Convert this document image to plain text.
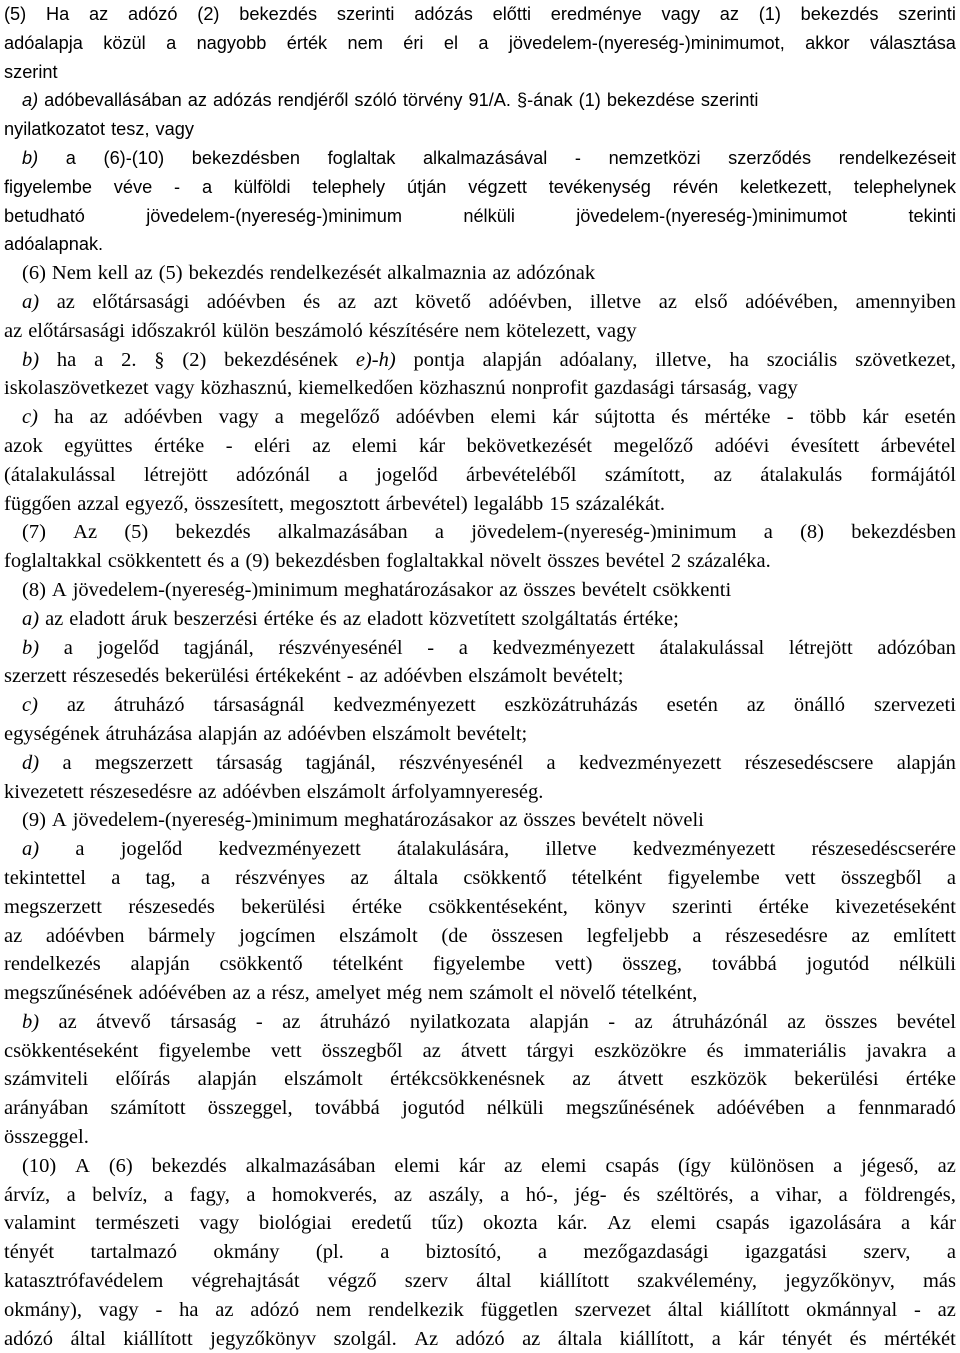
(5) Ha az adózó (2) bekezdés szerinti adózás előtti eredménye vagy az (1) bekezdés szerinti
adóalapja közül a nagyobb érték nem éri el a jövedelem-(nyereség-)minimumot, akkor választása
szerint
a) adóbevallásában az adózás rendjéről szóló törvény 91/A. §-ának (1) bekezdése szerinti
nyilatkozatot tesz, vagy
b) a (6)-(10) bekezdésben foglaltak alkalmazásával - nemzetközi szerződés rendelkezéseit
figyelembe véve - a külföldi telephely útján végzett tevékenység révén keletkezett, telephelynek
betudható	jövedelem-(nyereség-)minimum	nélküli	jövedelem-(nyereség-)minimumot	tekinti
adóalapnak.
(6) Nem kell az (5) bekezdés rendelkezését alkalmaznia az adózónak
a) az előtársasági adóévben és az azt követő adóévben, illetve az első adóévében, amennyiben
az előtársasági időszakról külön beszámoló készítésére nem kötelezett, vagy
b) ha a 2. § (2) bekezdésének e)-h) pontja alapján adóalany, illetve, ha szociális szövetkezet,
iskolaszövetkezet vagy közhasznú, kiemelkedően közhasznú nonprofit gazdasági társaság, vagy
c) ha az adóévben vagy a megelőző adóévben elemi kár sújtotta és mértéke - több kár esetén
azok együttes értéke - eléri az elemi kár bekövetkezését megelőző adóévi évesített árbevétel
(átalakulással létrejött adózónál a jogelőd árbevételéből számított, az átalakulás formájától
függően azzal egyező, összesített, megosztott árbevétel) legalább 15 százalékát.
(7) Az (5) bekezdés alkalmazásában a jövedelem-(nyereség-)minimum a (8) bekezdésben
foglaltakkal csökkentett és a (9) bekezdésben foglaltakkal növelt összes bevétel 2 százaléka.
(8) A jövedelem-(nyereség-)minimum meghatározásakor az összes bevételt csökkenti
a) az eladott áruk beszerzési értéke és az eladott közvetített szolgáltatás értéke;
b) a jogelőd tagjánál, részvényesénél - a kedvezményezett átalakulással létrejött adózóban
szerzett részesedés bekerülési értékeként - az adóévben elszámolt bevételt;
c) az átruházó társaságnál kedvezményezett eszközátruházás esetén az önálló szervezeti
egységének átruházása alapján az adóévben elszámolt bevételt;
d) a megszerzett társaság tagjánál, részvényesénél a kedvezményezett részesedéscsere alapján
kivezetett részesedésre az adóévben elszámolt árfolyamnyereség.
(9) A jövedelem-(nyereség-)minimum meghatározásakor az összes bevételt növeli
a) a jogelőd kedvezményezett átalakulására, illetve kedvezményezett részesedéscserére
tekintettel a tag, a részvényes az általa csökkentő tételként figyelembe vett összegből a
megszerzett részesedés bekerülési értéke csökkentéseként, könyv szerinti értéke kivezetéseként
az adóévben bármely jogcímen elszámolt (de összesen legfeljebb a részesedésre az említett
rendelkezés alapján csökkentő tételként figyelembe vett) összeg, továbbá jogutód nélküli
megszűnésének adóévében az a rész, amelyet még nem számolt el növelő tételként,
b) az átvevő társaság - az átruházó nyilatkozata alapján - az átruházónál az összes bevétel
csökkentéseként figyelembe vett összegből az átvett tárgyi eszközökre és immateriális javakra a
számviteli előírás alapján elszámolt értékcsökkenésnek az átvett eszközök bekerülési értéke
arányában számított összeggel, továbbá jogutód nélküli megszűnésének adóévében a fennmaradó
összeggel.
(10) A (6) bekezdés alkalmazásában elemi kár az elemi csapás (így különösen a jégeső, az
árvíz, a belvíz, a fagy, a homokverés, az aszály, a hó-, jég- és széltörés, a vihar, a földrengés,
valamint természeti vagy biológiai eredetű tűz) okozta kár. Az elemi csapás igazolására a kár
tényét tartalmazó okmány (pl. a biztosító, a mezőgazdasági igazgatási szerv, a
katasztrófavédelem végrehajtását végző szerv által kiállított szakvélemény, jegyzőkönyv, más
okmány), vagy - ha az adózó nem rendelkezik független szervezet által kiállított okmánnyal - az
adózó által kiállított jegyzőkönyv szolgál. Az adózó az általa kiállított, a kár tényét és mértékét
